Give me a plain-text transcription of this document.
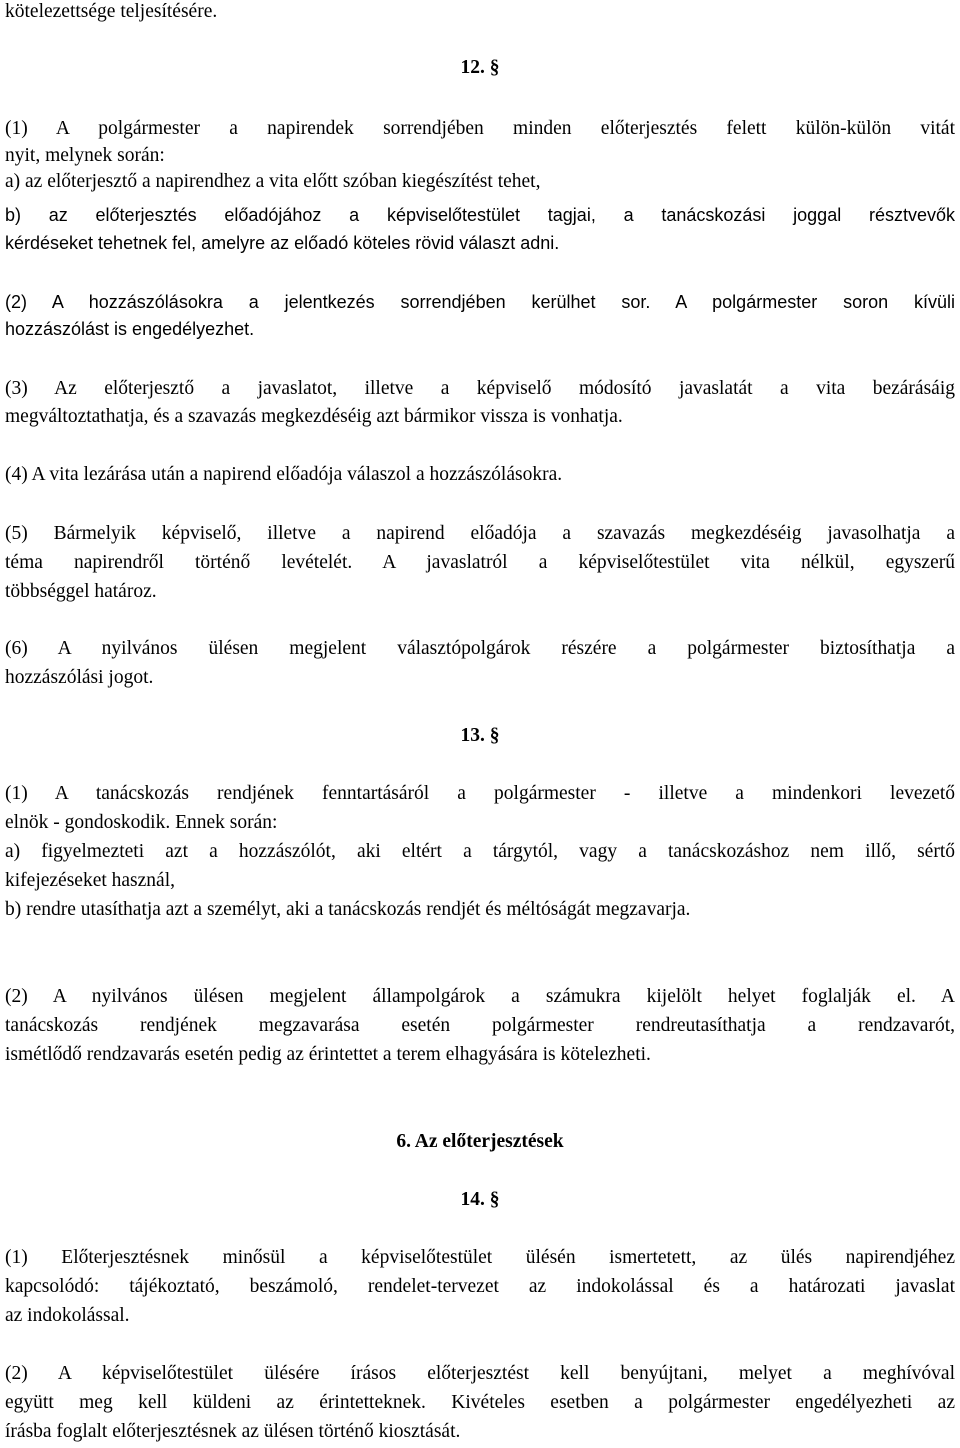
kötelezettsége teljesítésére.
12. §
(1) A polgármester a napirendek sorrendjében minden előterjesztés felett külön-külön vitát
nyit, melynek során:
a) az előterjesztő a napirendhez a vita előtt szóban kiegészítést tehet,
b) az előterjesztés előadójához a képviselőtestület tagjai, a tanácskozási joggal résztvevők
kérdéseket tehetnek fel, amelyre az előadó köteles rövid választ adni.
(2) A hozzászólásokra a jelentkezés sorrendjében kerülhet sor. A polgármester soron kívüli
hozzászólást is engedélyezhet.
(3) Az előterjesztő a javaslatot, illetve a képviselő módosító javaslatát a vita bezárásáig
megváltoztathatja, és a szavazás megkezdéséig azt bármikor vissza is vonhatja.
(4) A vita lezárása után a napirend előadója válaszol a hozzászólásokra.
(5) Bármelyik képviselő, illetve a napirend előadója a szavazás megkezdéséig javasolhatja a
téma napirendről történő levételét. A javaslatról a képviselőtestület vita nélkül, egyszerű
többséggel határoz.
(6) A nyilvános ülésen megjelent választópolgárok részére a polgármester biztosíthatja a
hozzászólási jogot.
13. §
(1) A tanácskozás rendjének fenntartásáról a polgármester - illetve a mindenkori levezető
elnök - gondoskodik. Ennek során:
a) figyelmezteti azt a hozzászólót, aki eltért a tárgytól, vagy a tanácskozáshoz nem illő, sértő
kifejezéseket használ,
b) rendre utasíthatja azt a személyt, aki a tanácskozás rendjét és méltóságát megzavarja.
(2) A nyilvános ülésen megjelent állampolgárok a számukra kijelölt helyet foglalják el. A
tanácskozás rendjének megzavarása esetén polgármester rendreutasíthatja a rendzavarót,
ismétlődő rendzavarás esetén pedig az érintettet a terem elhagyására is kötelezheti.
6. Az előterjesztések
14. §
(1) Előterjesztésnek minősül a képviselőtestület ülésén ismertetett, az ülés napirendjéhez
kapcsolódó: tájékoztató, beszámoló, rendelet-tervezet az indokolással és a határozati javaslat
az indokolással.
(2) A képviselőtestület ülésére írásos előterjesztést kell benyújtani, melyet a meghívóval
együtt meg kell küldeni az érintetteknek. Kivételes esetben a polgármester engedélyezheti az
írásba foglalt előterjesztésnek az ülésen történő kiosztását.
